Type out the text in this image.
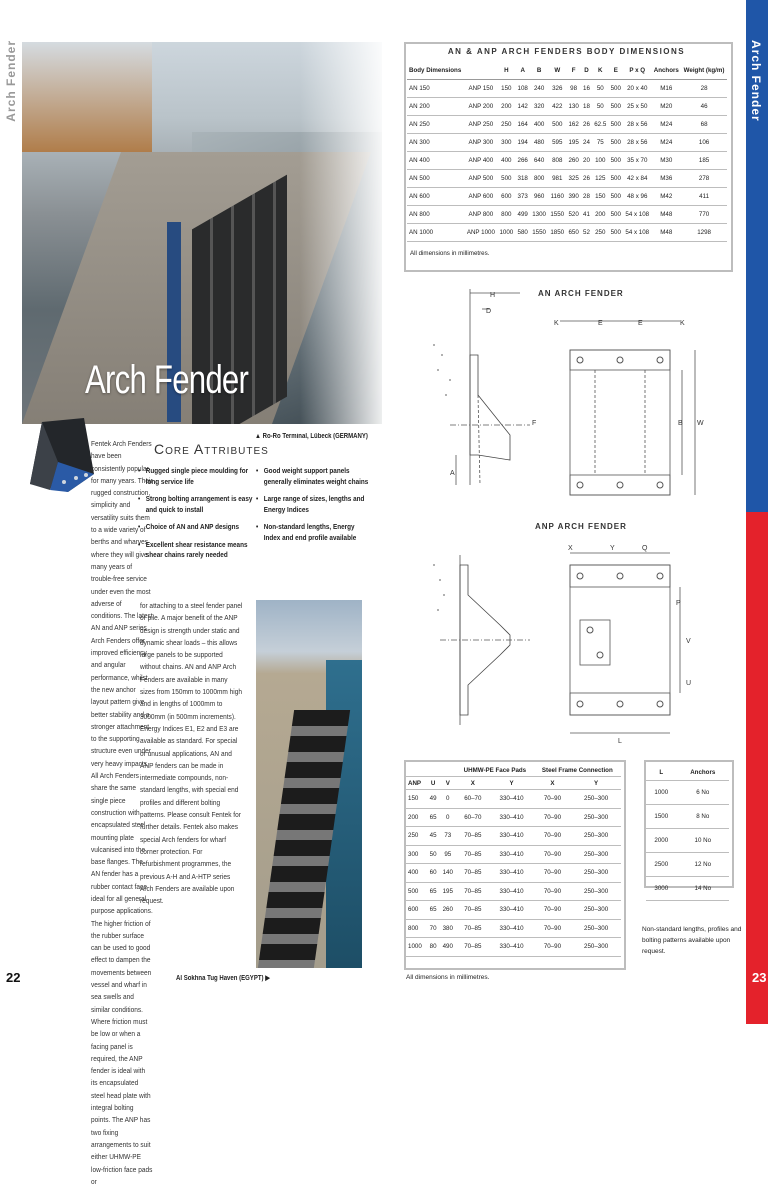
Arch Fender
Arch Fender
Arch Fender
Fentek Arch Fenders have been consistently popular for many years. Their rugged construction, simplicity and versatility suits them to a wide variety of berths and wharves where they will give many years of trouble-free service under even the most adverse of conditions. The latest AN and ANP series Arch Fenders offer improved efficiency and angular performance, whilst the new anchor layout pattern give better stability and a stronger attachment to the supporting structure even under very heavy impacts. All Arch Fenders share the same single piece construction with encapsulated steel mounting plate vulcanised into the base flanges. The AN fender has a rubber contact face ideal for all general purpose applications. The higher friction of the rubber surface can be used to good effect to dampen the movements between vessel and wharf in sea swells and similar conditions. Where friction must be low or when a facing panel is required, the ANP fender is ideal with its encapsulated steel head plate with integral bolting points. The ANP has two fixing arrangements to suit either UHMW-PE low-friction face pads or
▲ Ro-Ro Terminal, Lübeck (GERMANY)
Core Attributes
• Rugged single piece moulding for long service life
• Strong bolting arrangement is easy and quick to install
• Choice of AN and ANP designs
• Excellent shear resistance means shear chains rarely needed
• Good weight support panels generally eliminates weight chains
• Large range of sizes, lengths and Energy Indices
• Non-standard lengths, Energy Index and end profile available
for attaching to a steel fender panel or pile. A major benefit of the ANP design is strength under static and dynamic shear loads – this allows large panels to be supported without chains. AN and ANP Arch Fenders are available in many sizes from 150mm to 1000mm high and in lengths of 1000mm to 3000mm (in 500mm increments). Energy Indices E1, E2 and E3 are available as standard. For special or unusual applications, AN and ANP fenders can be made in intermediate compounds, non-standard lengths, with special end profiles and different bolting patterns. Please consult Fentek for further details. Fentek also makes special Arch fenders for wharf corner protection. For refurbishment programmes, the previous A-H and A-HTP series Arch Fenders are available upon request.
Al Sokhna Tug Haven (EGYPT) ▶
22	23
AN & ANP ARCH FENDERS BODY DIMENSIONS
Body Dimensions		H	A	B	W	F	D	K	E	P x Q	Anchors	Weight (kg/m)
AN 150	ANP 150	150	108	240	326	98	16	50	500	20 x 40	M16	28
AN 200	ANP 200	200	142	320	422	130	18	50	500	25 x 50	M20	46
AN 250	ANP 250	250	164	400	500	162	26	62.5	500	28 x 56	M24	68
AN 300	ANP 300	300	194	480	595	195	24	75	500	28 x 56	M24	106
AN 400	ANP 400	400	266	640	808	260	20	100	500	35 x 70	M30	185
AN 500	ANP 500	500	318	800	981	325	26	125	500	42 x 84	M36	278
AN 600	ANP 600	600	373	960	1160	390	28	150	500	48 x 96	M42	411
AN 800	ANP 800	800	499	1300	1550	520	41	200	500	54 x 108	M48	770
AN 1000	ANP 1000	1000	580	1550	1850	650	52	250	500	54 x 108	M48	1298
All dimensions in millimetres.
AN ARCH FENDER
H
D
K	E	E	K
F
A
B W
ANP ARCH FENDER
X	Y	Q
P
V
U
L
			UHMW-PE Face Pads		Steel Frame Connection	
ANP	U	V	X	Y	X	Y
150	49	0	60–70	330–410	70–90	250–300
200	65	0	60–70	330–410	70–90	250–300
250	45	73	70–85	330–410	70–90	250–300
300	50	95	70–85	330–410	70–90	250–300
400	60	140	70–85	330–410	70–90	250–300
500	65	195	70–85	330–410	70–90	250–300
600	65	260	70–85	330–410	70–90	250–300
800	70	380	70–85	330–410	70–90	250–300
1000	80	490	70–85	330–410	70–90	250–300
L	Anchors
1000	6 No
1500	8 No
2000	10 No
2500	12 No
3000	14 No
Non-standard lengths, profiles and bolting patterns available upon request.
All dimensions in millimetres.
